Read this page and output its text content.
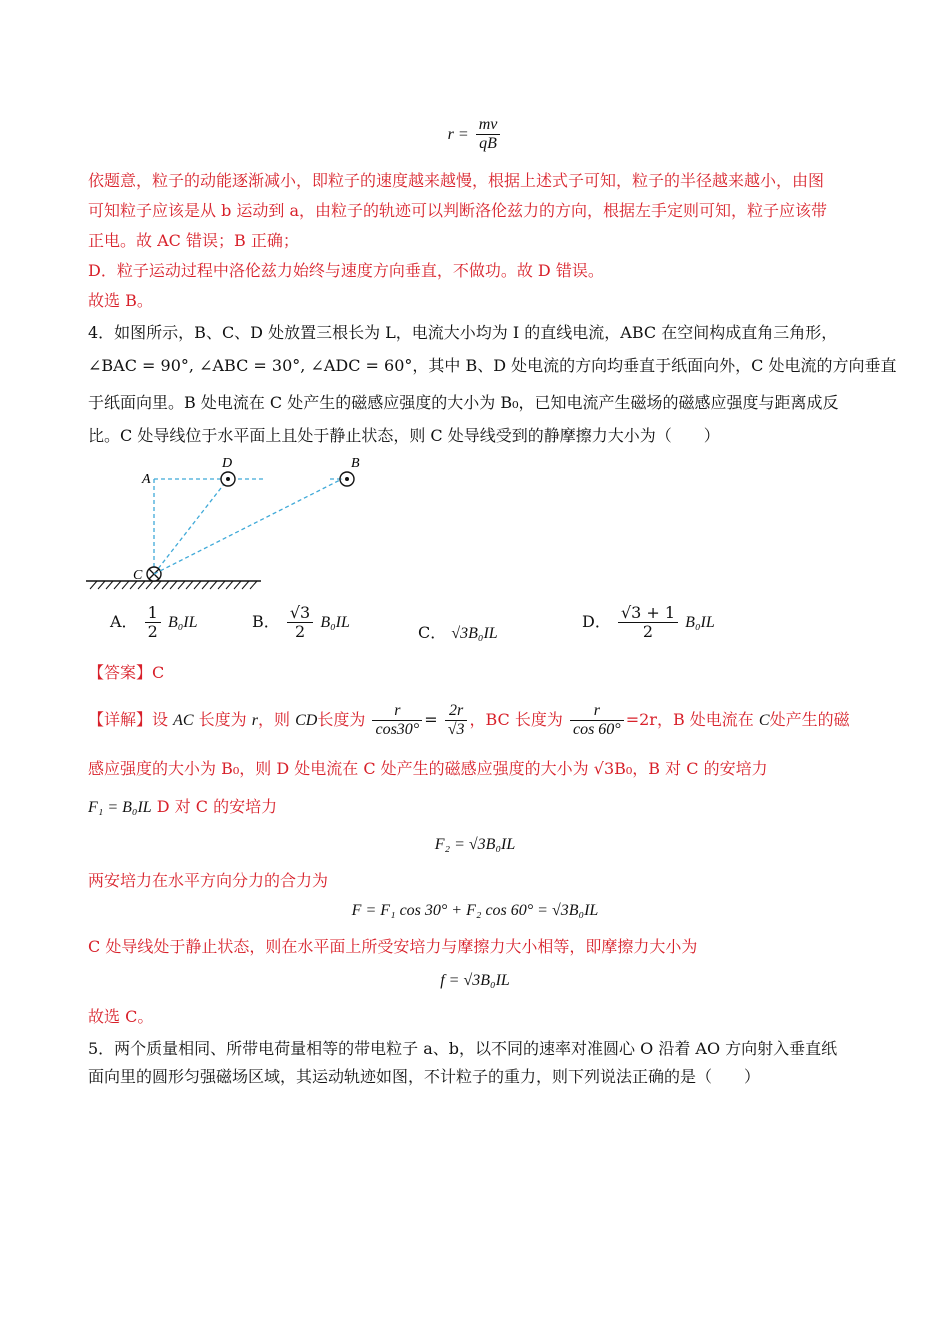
$r = \frac{mv}{qB}$
依题意，粒子的动能逐渐减小，即粒子的速度越来越慢，根据上述式子可知，粒子的半径越来越小，由图
可知粒子应该是从 b 运动到 a，由粒子的轨迹可以判断洛伦兹力的方向，根据左手定则可知，粒子应该带
正电。故 AC 错误；B 正确；
D．粒子运动过程中洛伦兹力始终与速度方向垂直，不做功。故 D 错误。
故选 B。
4．如图所示，B、C、D 处放置三根长为 L，电流大小均为 I 的直线电流，ABC 在空间构成直角三角形，
∠BAC = 90°, ∠ABC = 30°, ∠ADC = 60°，其中 B、D 处电流的方向均垂直于纸面向外，C 处电流的方向垂直
于纸面向里。B 处电流在 C 处产生的磁感应强度的大小为 B₀，已知电流产生磁场的磁感应强度与距离成反
比。C 处导线位于水平面上且处于静止状态，则 C 处导线受到的静摩擦力大小为（　　）
A
D
C
B
A． $\frac{1}{2} B_0IL$	B． $\frac{√3}{2} B_0IL$
C． √3B₀IL
D． $\frac{√3 + 1}{2} B_0IL$
【答案】C
【详解】设 AC 长度为 r，则 CD长度为 $\frac{r}{\cos 30^\circ} = \frac{2r}{√3}$ ，BC 长度为 $\frac{r}{\cos 60^\circ} =2r$，B 处电流在 C处产生的磁
感应强度的大小为 B₀，则 D 处电流在 C 处产生的磁感应强度的大小为 √3B₀，B 对 C 的安培力
F₁ = B₀IL D 对 C 的安培力
F₂ = √3B₀IL
两安培力在水平方向分力的合力为
F = F₁ cos 30° + F₂ cos 60° = √3B₀IL
C 处导线处于静止状态，则在水平面上所受安培力与摩擦力大小相等，即摩擦力大小为
f = √3B₀IL
故选 C。
5．两个质量相同、所带电荷量相等的带电粒子 a、b，以不同的速率对准圆心 O 沿着 AO 方向射入垂直纸
面向里的圆形匀强磁场区域，其运动轨迹如图，不计粒子的重力，则下列说法正确的是（　　）
